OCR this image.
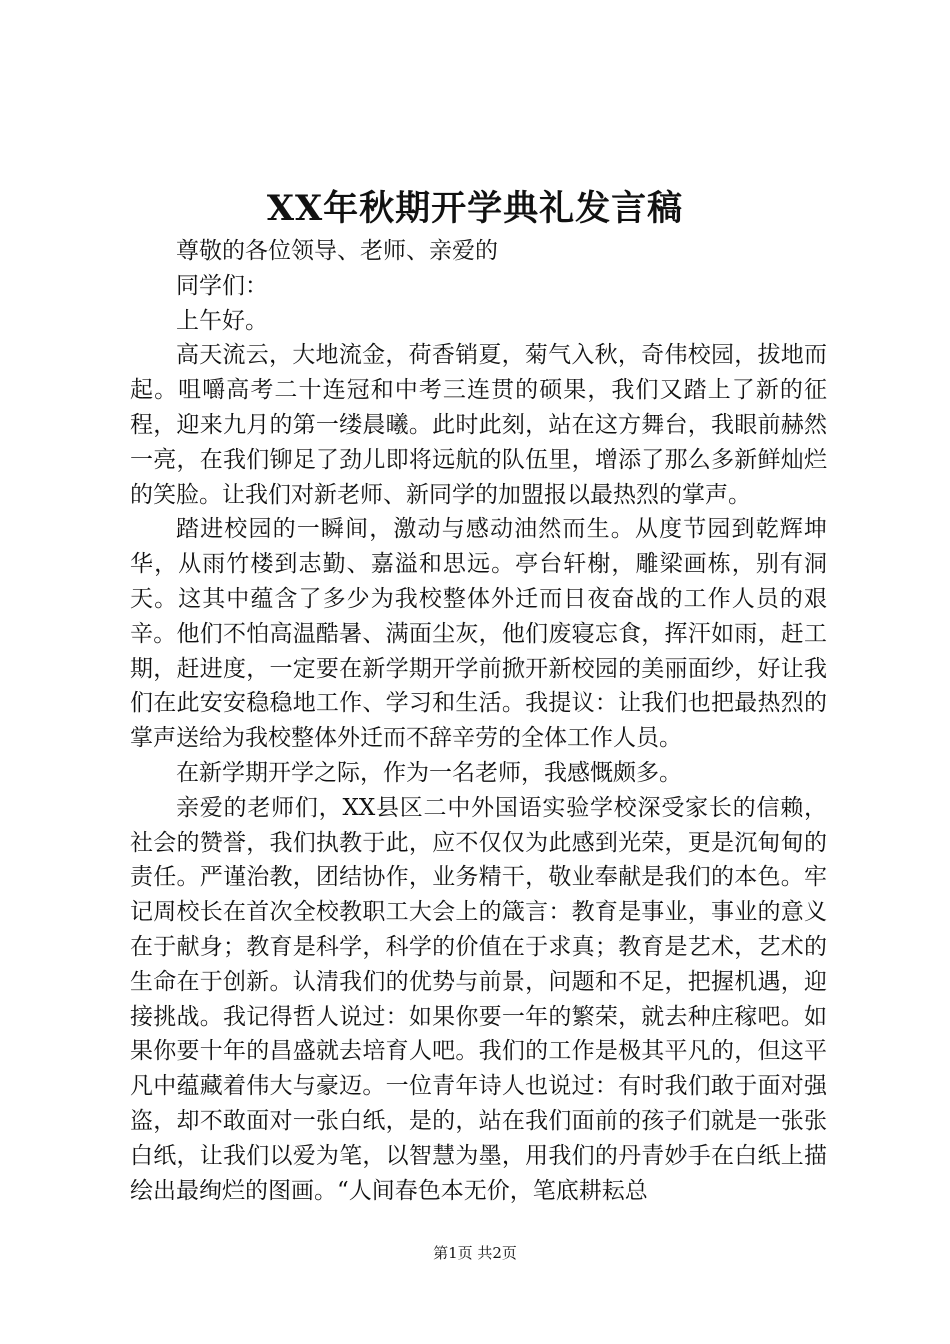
XX年秋期开学典礼发言稿

尊敬的各位领导、老师、亲爱的

同学们：

上午好。

高天流云，大地流金，荷香销夏，菊气入秋，奇伟校园，拔地而起。咀嚼高考二十连冠和中考三连贯的硕果，我们又踏上了新的征程，迎来九月的第一缕晨曦。此时此刻，站在这方舞台，我眼前赫然一亮，在我们铆足了劲儿即将远航的队伍里，增添了那么多新鲜灿烂的笑脸。让我们对新老师、新同学的加盟报以最热烈的掌声。

踏进校园的一瞬间，激动与感动油然而生。从度节园到乾辉坤华，从雨竹楼到志勤、嘉溢和思远。亭台轩榭，雕梁画栋，别有洞天。这其中蕴含了多少为我校整体外迁而日夜奋战的工作人员的艰辛。他们不怕高温酷暑、满面尘灰，他们废寝忘食，挥汗如雨，赶工期，赶进度，一定要在新学期开学前掀开新校园的美丽面纱，好让我们在此安安稳稳地工作、学习和生活。我提议：让我们也把最热烈的掌声送给为我校整体外迁而不辞辛劳的全体工作人员。

在新学期开学之际，作为一名老师，我感慨颇多。

亲爱的老师们，XX县区二中外国语实验学校深受家长的信赖，社会的赞誉，我们执教于此，应不仅仅为此感到光荣，更是沉甸甸的责任。严谨治教，团结协作，业务精干，敬业奉献是我们的本色。牢记周校长在首次全校教职工大会上的箴言：教育是事业，事业的意义在于献身；教育是科学，科学的价值在于求真；教育是艺术，艺术的生命在于创新。认清我们的优势与前景，问题和不足，把握机遇，迎接挑战。我记得哲人说过：如果你要一年的繁荣，就去种庄稼吧。如果你要十年的昌盛就去培育人吧。我们的工作是极其平凡的，但这平凡中蕴藏着伟大与豪迈。一位青年诗人也说过：有时我们敢于面对强盗，却不敢面对一张白纸，是的，站在我们面前的孩子们就是一张张白纸，让我们以爱为笔，以智慧为墨，用我们的丹青妙手在白纸上描绘出最绚烂的图画。“人间春色本无价，笔底耕耘总

第1页 共2页
